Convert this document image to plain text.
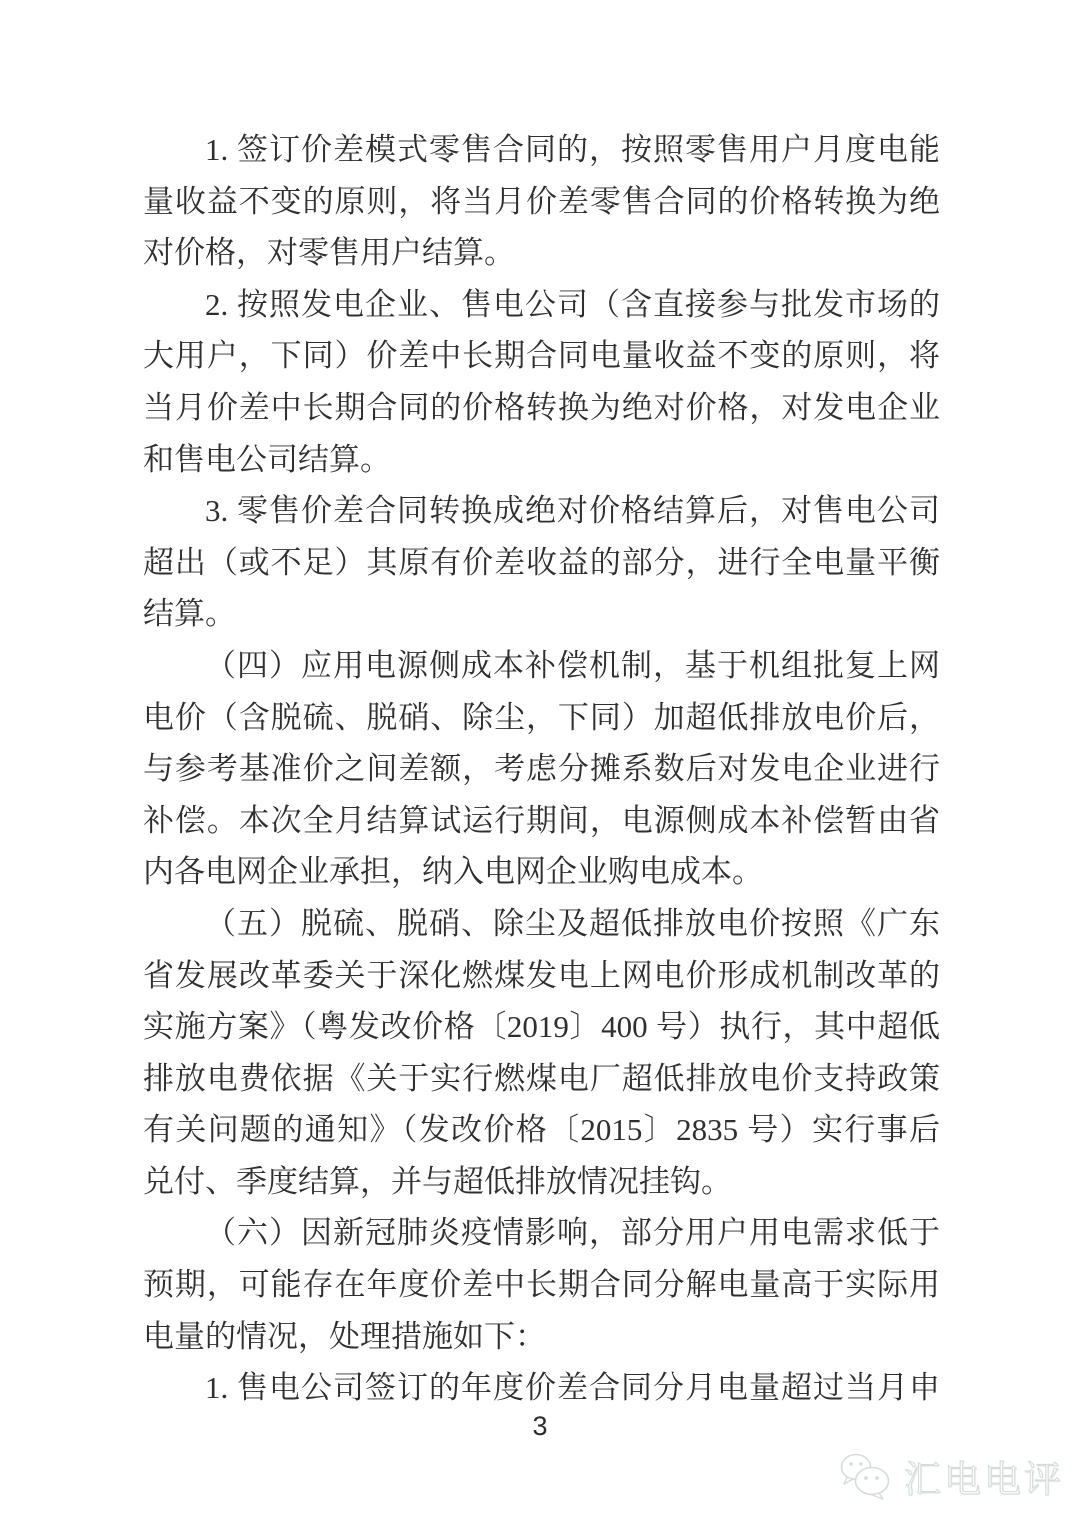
1. 签订价差模式零售合同的，按照零售用户月度电能量收益不变的原则，将当月价差零售合同的价格转换为绝对价格，对零售用户结算。

2. 按照发电企业、售电公司（含直接参与批发市场的大用户，下同）价差中长期合同电量收益不变的原则，将当月价差中长期合同的价格转换为绝对价格，对发电企业和售电公司结算。

3. 零售价差合同转换成绝对价格结算后，对售电公司超出（或不足）其原有价差收益的部分，进行全电量平衡结算。

（四）应用电源侧成本补偿机制，基于机组批复上网电价（含脱硫、脱硝、除尘，下同）加超低排放电价后，与参考基准价之间差额，考虑分摊系数后对发电企业进行补偿。本次全月结算试运行期间，电源侧成本补偿暂由省内各电网企业承担，纳入电网企业购电成本。

（五）脱硫、脱硝、除尘及超低排放电价按照《广东省发展改革委关于深化燃煤发电上网电价形成机制改革的实施方案》（粤发改价格〔2019〕400 号）执行，其中超低排放电费依据《关于实行燃煤电厂超低排放电价支持政策有关问题的通知》（发改价格〔2015〕2835 号）实行事后兑付、季度结算，并与超低排放情况挂钩。

（六）因新冠肺炎疫情影响，部分用户用电需求低于预期，可能存在年度价差中长期合同分解电量高于实际用电量的情况，处理措施如下：

1. 售电公司签订的年度价差合同分月电量超过当月申

3
汇电电评
